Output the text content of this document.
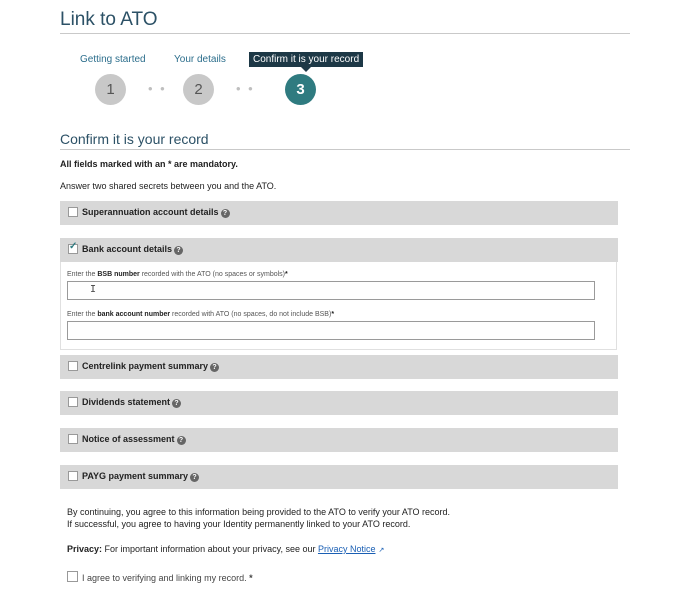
Link to ATO
Getting started	Your details	Confirm it is your record
1	• •	2	• •	3
Confirm it is your record
All fields marked with an * are mandatory.
Answer two shared secrets between you and the ATO.
Superannuation account details ?
✓ Bank account details ?
Enter the BSB number recorded with the ATO (no spaces or symbols)*
I
Enter the bank account number recorded with ATO (no spaces, do not include BSB)*
Centrelink payment summary ?
Dividends statement ?
Notice of assessment ?
PAYG payment summary ?
By continuing, you agree to this information being provided to the ATO to verify your ATO record.
If successful, you agree to having your Identity permanently linked to your ATO record.
Privacy: For important information about your privacy, see our Privacy Notice ↗
I agree to verifying and linking my record. *
